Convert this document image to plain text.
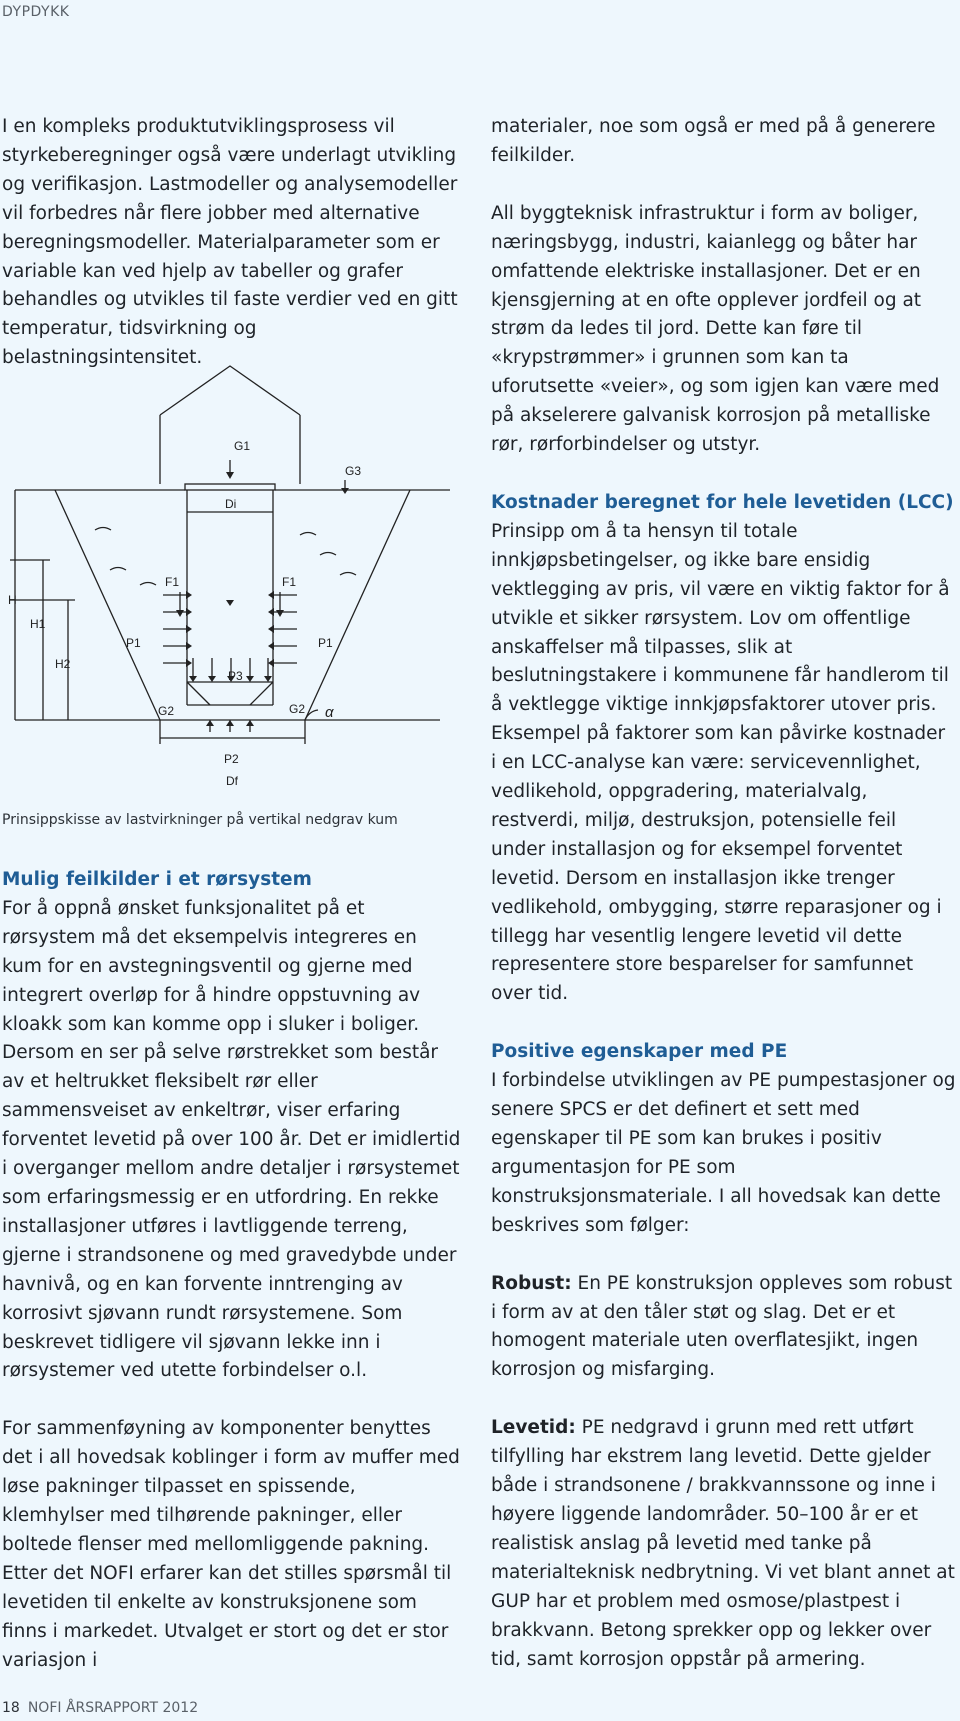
DYPDYKK

I en kompleks produktutviklingsprosess vil styrkeberegninger også være underlagt utvikling og verifikasjon. Lastmodeller og analysemodeller vil forbedres når flere jobber med alternative beregningsmodeller. Materialparameter som er variable kan ved hjelp av tabeller og grafer behandles og utvikles til faste verdier ved en gitt temperatur, tidsvirkning og belastningsintensitet.

G1
G3
Di
F1	F1
P1	P1
P3
G2	G2 α
P2
Df
H
H1
H2
Prinsippskisse av lastvirkninger på vertikal nedgrav kum

Mulig feilkilder i et rørsystem

For å oppnå ønsket funksjonalitet på et rørsystem må det eksempelvis integreres en kum for en avstegningsventil og gjerne med integrert overløp for å hindre oppstuvning av kloakk som kan komme opp i sluker i boliger. Dersom en ser på selve rørstrekket som består av et heltrukket fleksibelt rør eller sammensveiset av enkeltrør, viser erfaring forventet levetid på over 100 år. Det er imidlertid i overganger mellom andre detaljer i rørsystemet som erfaringsmessig er en utfordring. En rekke installasjoner utføres i lavtliggende terreng, gjerne i strandsonene og med gravedybde under havnivå, og en kan forvente inntrenging av korrosivt sjøvann rundt rørsystemene. Som beskrevet tidligere vil sjøvann lekke inn i rørsystemer ved utette forbindelser o.l.

For sammenføyning av komponenter benyttes det i all hovedsak koblinger i form av muffer med løse pakninger tilpasset en spissende, klemhylser med tilhørende pakninger, eller boltede flenser med mellomliggende pakning. Etter det NOFI erfarer kan det stilles spørsmål til levetiden til enkelte av konstruksjonene som finns i markedet. Utvalget er stort og det er stor variasjon i

materialer, noe som også er med på å generere feilkilder.

All byggteknisk infrastruktur i form av boliger, næringsbygg, industri, kaianlegg og båter har omfattende elektriske installasjoner. Det er en kjensgjerning at en ofte opplever jordfeil og at strøm da ledes til jord. Dette kan føre til «krypstrømmer» i grunnen som kan ta uforutsette «veier», og som igjen kan være med på akselerere galvanisk korrosjon på metalliske rør, rørforbindelser og utstyr.

Kostnader beregnet for hele levetiden (LCC)

Prinsipp om å ta hensyn til totale innkjøpsbetingelser, og ikke bare ensidig vektlegging av pris, vil være en viktig faktor for å utvikle et sikker rørsystem. Lov om offentlige anskaffelser må tilpasses, slik at beslutningstakere i kommunene får handlerom til å vektlegge viktige innkjøpsfaktorer utover pris. Eksempel på faktorer som kan påvirke kostnader i en LCC-analyse kan være: servicevennlighet, vedlikehold, oppgradering, materialvalg, restverdi, miljø, destruksjon, potensielle feil under installasjon og for eksempel forventet levetid. Dersom en installasjon ikke trenger vedlikehold, ombygging, større reparasjoner og i tillegg har vesentlig lengere levetid vil dette representere store besparelser for samfunnet over tid.

Positive egenskaper med PE

I forbindelse utviklingen av PE pumpestasjoner og senere SPCS er det definert et sett med egenskaper til PE som kan brukes i positiv argumentasjon for PE som konstruksjonsmateriale. I all hovedsak kan dette beskrives som følger:

Robust: En PE konstruksjon oppleves som robust i form av at den tåler støt og slag. Det er et homogent materiale uten overflatesjikt, ingen korrosjon og misfarging.

Levetid: PE nedgravd i grunn med rett utført tilfylling har ekstrem lang levetid. Dette gjelder både i strandsonene / brakkvannssone og inne i høyere liggende landområder. 50–100 år er et realistisk anslag på levetid med tanke på materialteknisk nedbrytning. Vi vet blant annet at GUP har et problem med osmose/plastpest i brakkvann. Betong sprekker opp og lekker over tid, samt korrosjon oppstår på armering.

18 NOFI ÅRSRAPPORT 2012
